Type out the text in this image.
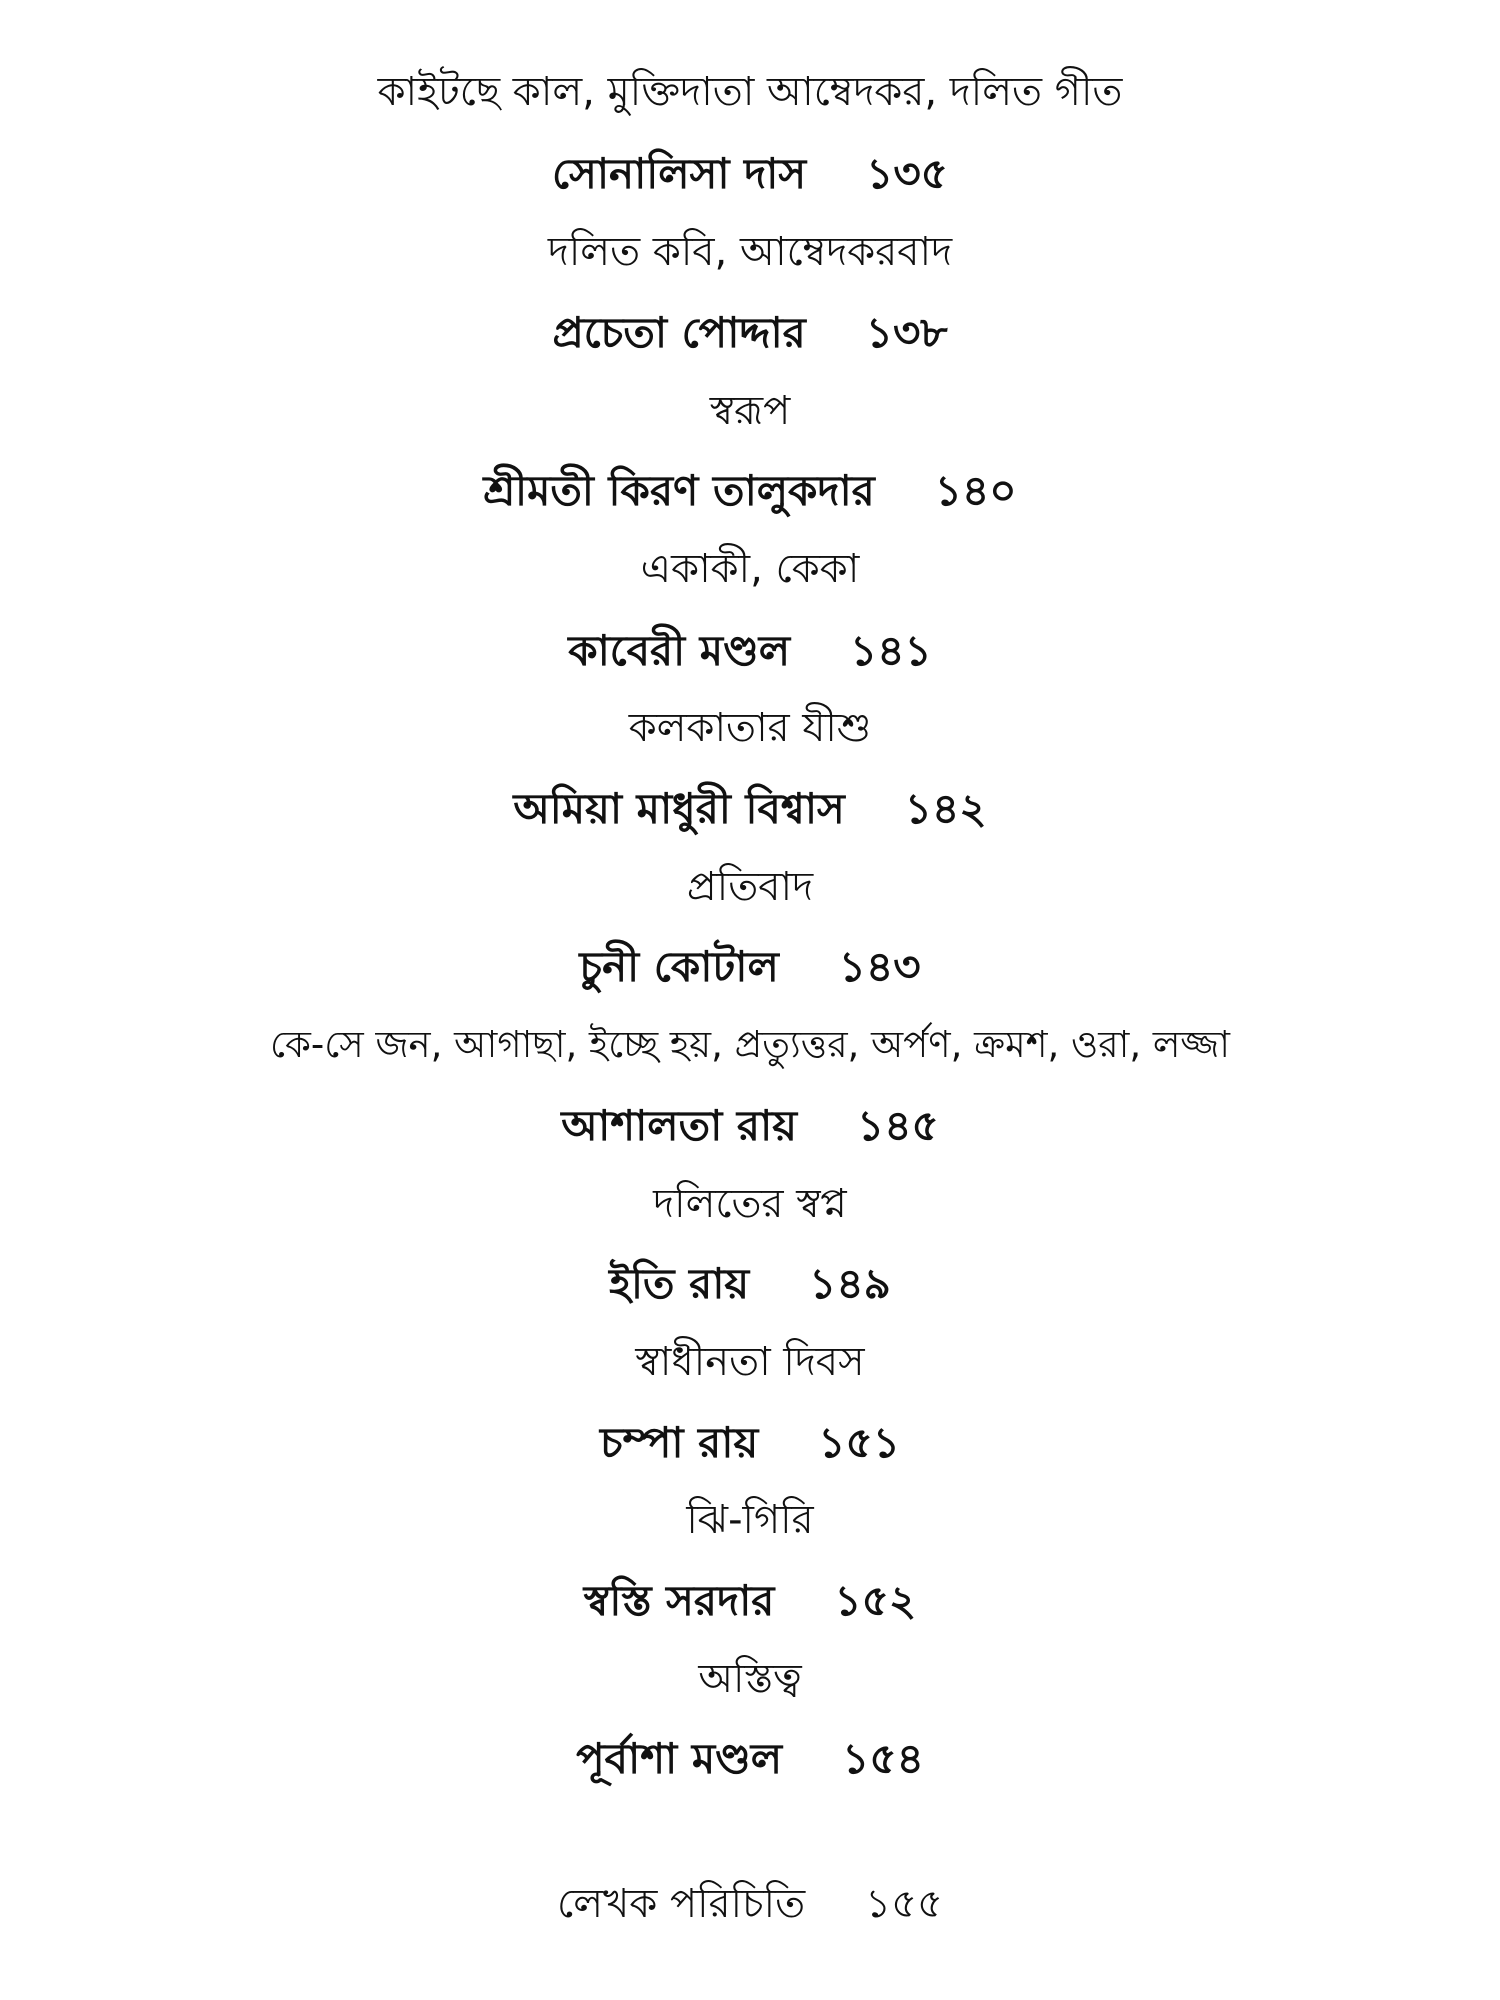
কাইটছে কাল, মুক্তিদাতা আম্বেদকর, দলিত গীত
সোনালিসা দাস ১৩৫
দলিত কবি, আম্বেদকরবাদ
প্রচেতা পোদ্দার ১৩৮
স্বরূপ
শ্রীমতী কিরণ তালুকদার ১৪০
একাকী, কেকা
কাবেরী মণ্ডল ১৪১
কলকাতার যীশু
অমিয়া মাধুরী বিশ্বাস ১৪২
প্রতিবাদ
চুনী কোটাল ১৪৩
কে-সে জন, আগাছা, ইচ্ছে হয়, প্রত্যুত্তর, অর্পণ, ক্রমশ, ওরা, লজ্জা
আশালতা রায় ১৪৫
দলিতের স্বপ্ন
ইতি রায় ১৪৯
স্বাধীনতা দিবস
চম্পা রায় ১৫১
ঝি-গিরি
স্বস্তি সরদার ১৫২
অস্তিত্ব
পূর্বাশা মণ্ডল ১৫৪
লেখক পরিচিতি ১৫৫
